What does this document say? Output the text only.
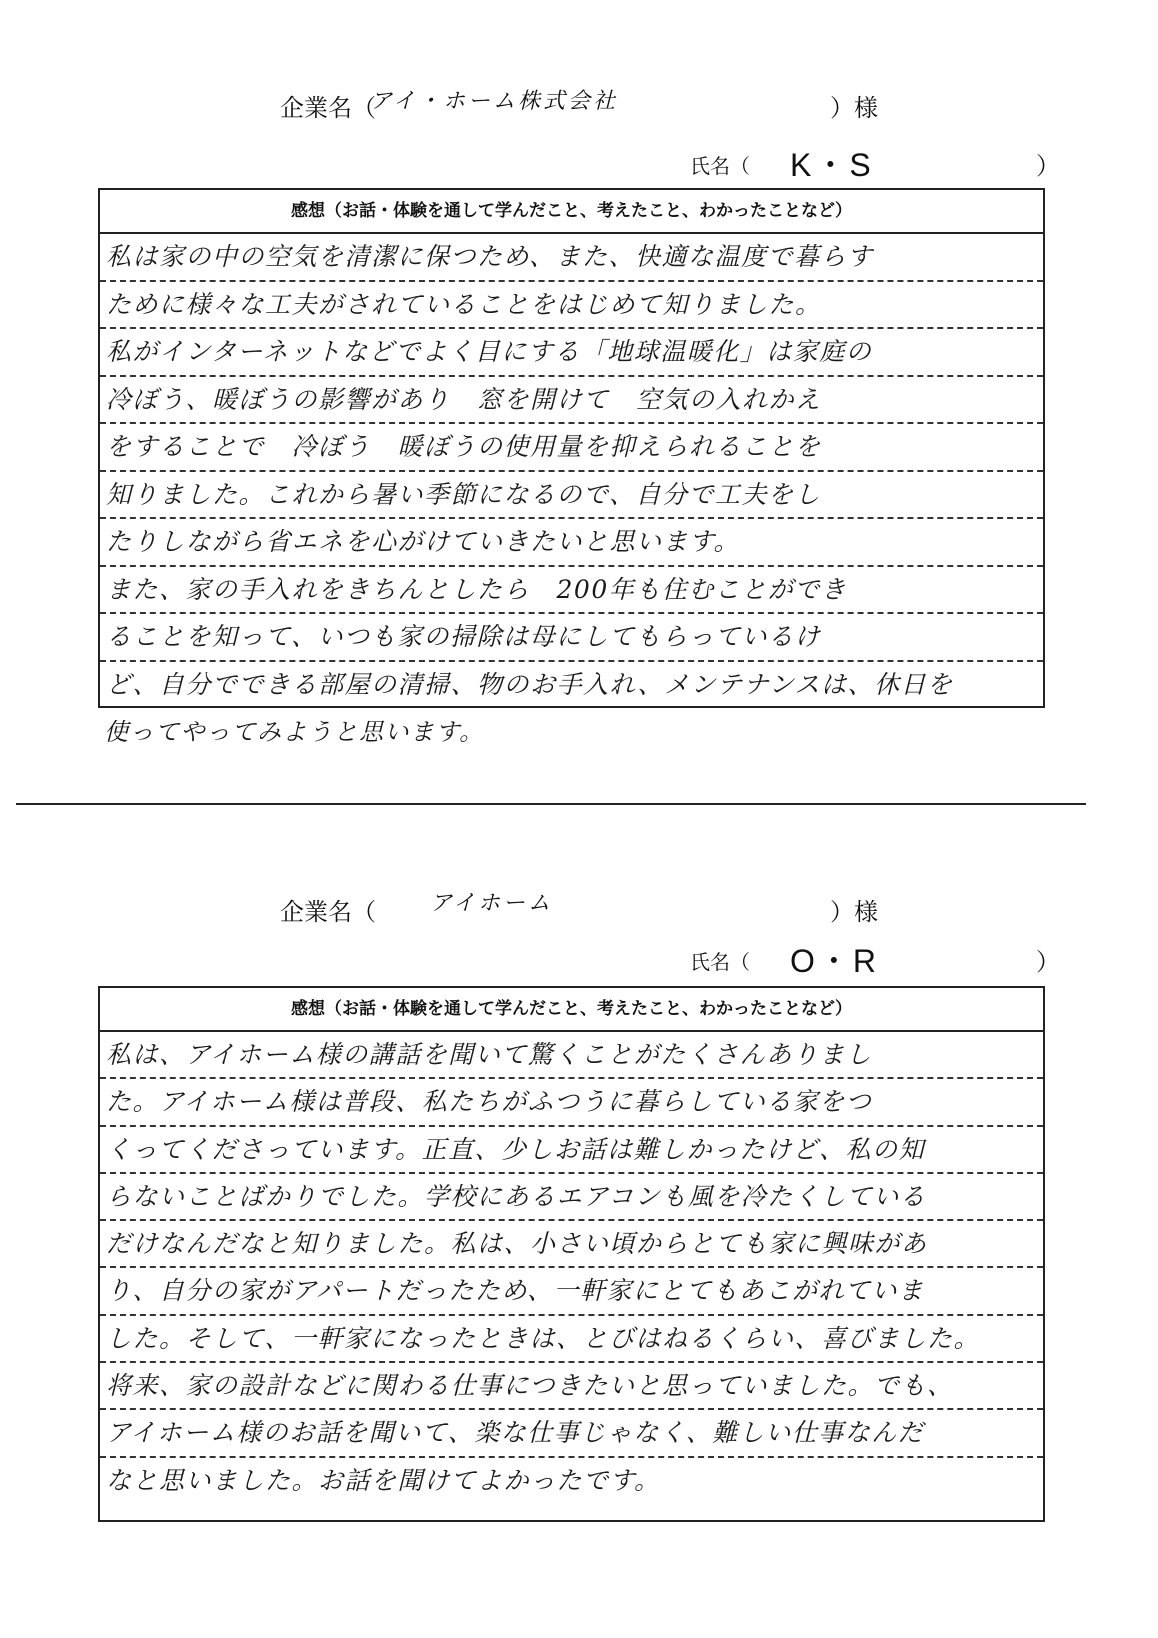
企業名（
アイ・ホーム株式会社	）様
氏名（ K・S	）
感想（お話・体験を通して学んだこと、考えたこと、わかったことなど）
私は家の中の空気を清潔に保つため、また、快適な温度で暮らす
ために様々な工夫がされていることをはじめて知りました。
私がインターネットなどでよく目にする「地球温暖化」は家庭の
冷ぼう、暖ぼうの影響があり　窓を開けて　空気の入れかえ
をすることで　冷ぼう　暖ぼうの使用量を抑えられることを
知りました。これから暑い季節になるので、自分で工夫をし
たりしながら省エネを心がけていきたいと思います。
また、家の手入れをきちんとしたら　200年も住むことができ
ることを知って、いつも家の掃除は母にしてもらっているけ
ど、自分でできる部屋の清掃、物のお手入れ、メンテナンスは、休日を
使ってやってみようと思います。
企業名（ アイホーム	）様
氏名（ O・R	）
感想（お話・体験を通して学んだこと、考えたこと、わかったことなど）
私は、アイホーム様の講話を聞いて驚くことがたくさんありまし
た。アイホーム様は普段、私たちがふつうに暮らしている家をつ
くってくださっています。正直、少しお話は難しかったけど、私の知
らないことばかりでした。学校にあるエアコンも風を冷たくしている
だけなんだなと知りました。私は、小さい頃からとても家に興味があ
り、自分の家がアパートだったため、一軒家にとてもあこがれていま
した。そして、一軒家になったときは、とびはねるくらい、喜びました。
将来、家の設計などに関わる仕事につきたいと思っていました。でも、
アイホーム様のお話を聞いて、楽な仕事じゃなく、難しい仕事なんだ
なと思いました。お話を聞けてよかったです。
